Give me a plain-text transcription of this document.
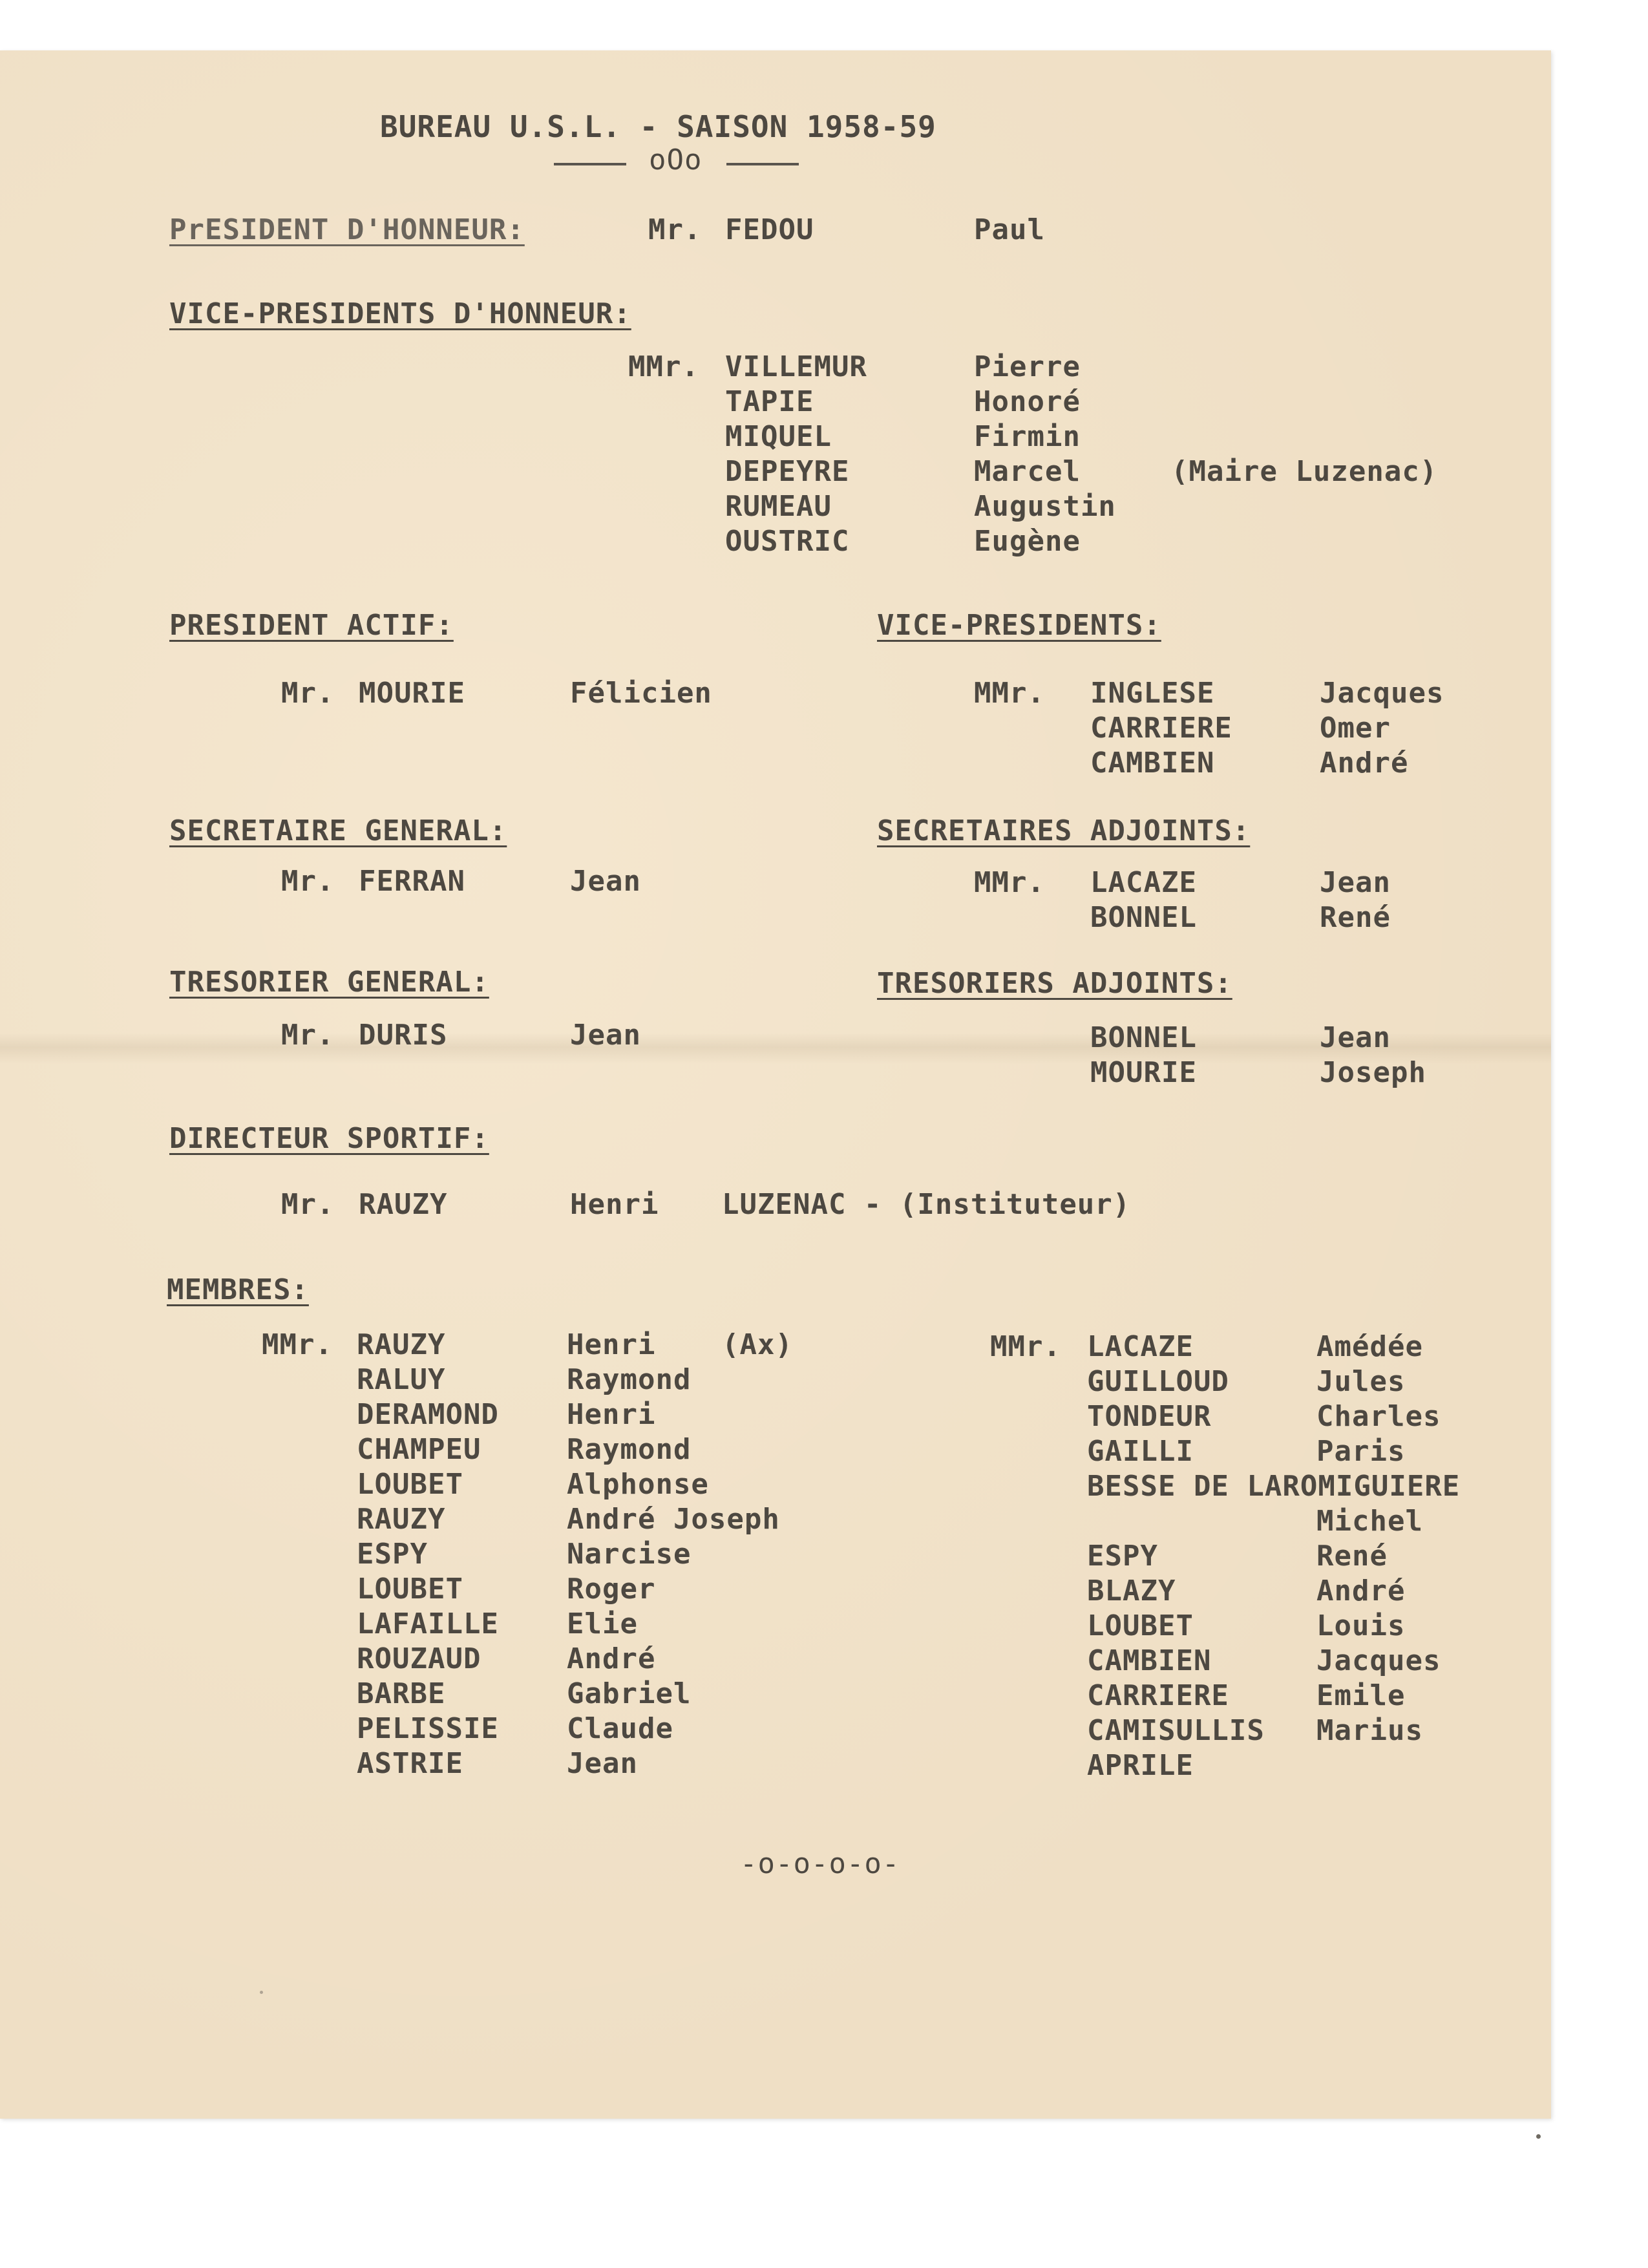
BUREAU U.S.L. - SAISON 1958-59
oOo
PrESIDENT D'HONNEUR:	Mr. FEDOU	Paul
VICE-PRESIDENTS D'HONNEUR:
MMr. VILLEMUR	Pierre
TAPIE	Honoré
MIQUEL	Firmin
DEPEYRE	Marcel	(Maire Luzenac)
RUMEAU	Augustin
OUSTRIC	Eugène
PRESIDENT ACTIF:
Mr. MOURIE	Félicien
VICE-PRESIDENTS:
MMr. INGLESE	Jacques
CARRIERE	Omer
CAMBIEN	André
SECRETAIRE GENERAL:
Mr. FERRAN	Jean
SECRETAIRES ADJOINTS:
MMr. LACAZE	Jean
BONNEL	René
TRESORIER GENERAL:
Mr. DURIS	Jean
TRESORIERS ADJOINTS:
BONNEL	Jean
MOURIE	Joseph
DIRECTEUR SPORTIF:
Mr. RAUZY	Henri LUZENAC - (Instituteur)
MEMBRES:
MMr. RAUZY	Henri (Ax)
RALUY	Raymond
DERAMOND Henri
CHAMPEU	Raymond
LOUBET	Alphonse
RAUZY	André Joseph
ESPY	Narcise
LOUBET	Roger
LAFAILLE Elie
ROUZAUD	André
BARBE	Gabriel
PELISSIE Claude
ASTRIE	Jean
MMr. LACAZE	Amédée
GUILLOUD	Jules
TONDEUR	Charles
GAILLI	Paris
BESSE DE LAROMIGUIERE
Michel
ESPY	René
BLAZY	André
LOUBET	Louis
CAMBIEN	Jacques
CARRIERE	Emile
CAMISULLIS Marius
APRILE
-o-o-o-o-
